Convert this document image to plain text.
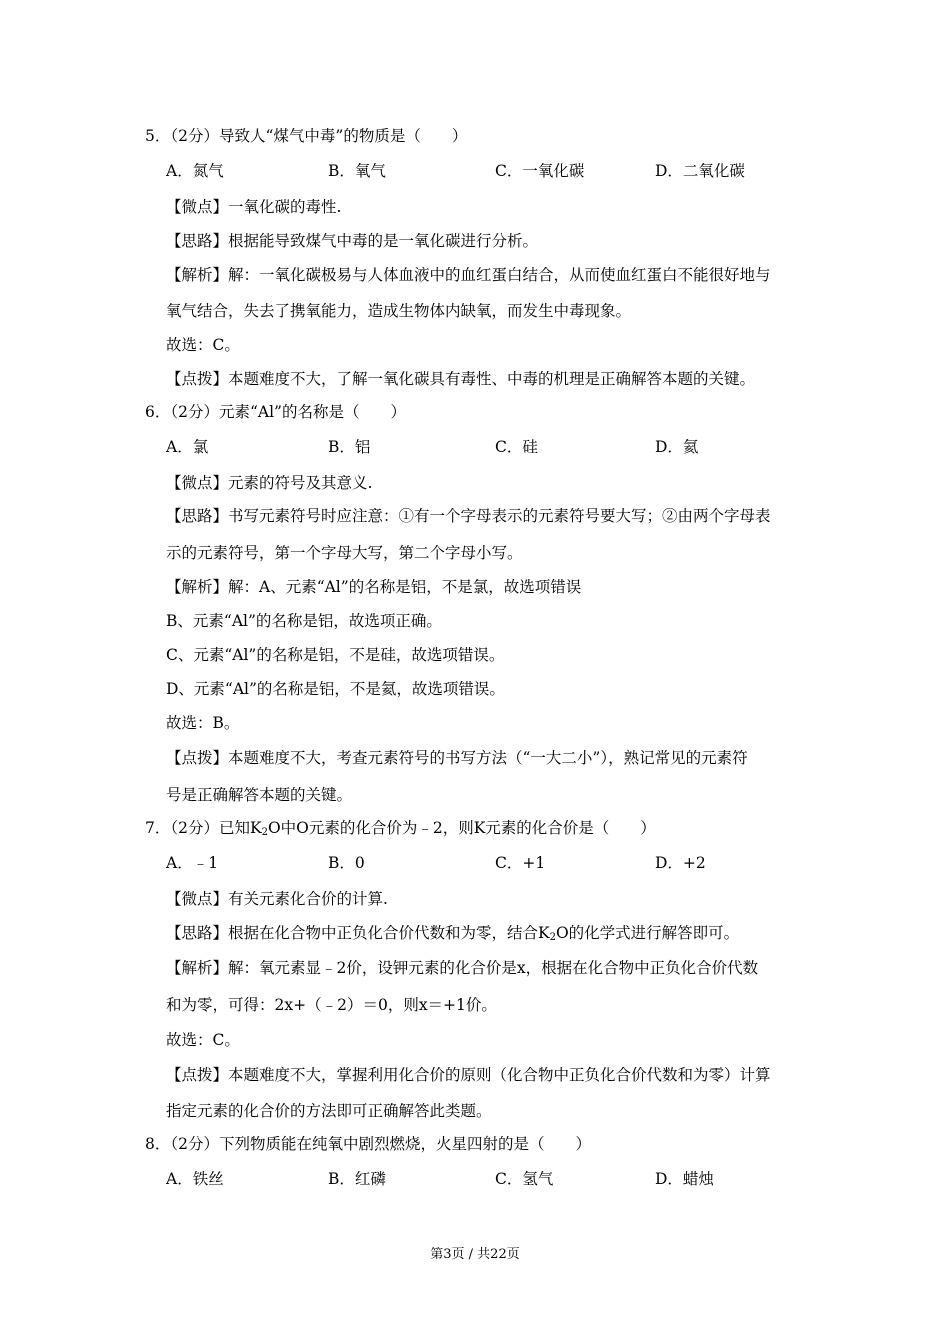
5．（2分）导致人“煤气中毒”的物质是（　　）
A．氮气	B．氧气	C．一氧化碳	D．二氧化碳
【微点】一氧化碳的毒性.
【思路】根据能导致煤气中毒的是一氧化碳进行分析。
【解析】解：一氧化碳极易与人体血液中的血红蛋白结合，从而使血红蛋白不能很好地与
氧气结合，失去了携氧能力，造成生物体内缺氧，而发生中毒现象。
故选：C。
【点拨】本题难度不大，了解一氧化碳具有毒性、中毒的机理是正确解答本题的关键。
6．（2分）元素“Al”的名称是（　　）
A．氯	B．铝	C．硅	D．氦
【微点】元素的符号及其意义.
【思路】书写元素符号时应注意：①有一个字母表示的元素符号要大写；②由两个字母表
示的元素符号，第一个字母大写，第二个字母小写。
【解析】解：A、元素“Al”的名称是铝，不是氯，故选项错误
B、元素“Al”的名称是铝，故选项正确。
C、元素“Al”的名称是铝，不是硅，故选项错误。
D、元素“Al”的名称是铝，不是氦，故选项错误。
故选：B。
【点拨】本题难度不大，考查元素符号的书写方法（“一大二小”），熟记常见的元素符
号是正确解答本题的关键。
7．（2分）已知$K_2O$中O元素的化合价为﹣2，则K元素的化合价是（　　）
A．﹣1	B．0	C．+1	D．+2
【微点】有关元素化合价的计算.
【思路】根据在化合物中正负化合价代数和为零，结合$K_2O$的化学式进行解答即可。
【解析】解：氧元素显﹣2价，设钾元素的化合价是x，根据在化合物中正负化合价代数
和为零，可得：2x+（﹣2）＝0，则x＝+1价。
故选：C。
【点拨】本题难度不大，掌握利用化合价的原则（化合物中正负化合价代数和为零）计算
指定元素的化合价的方法即可正确解答此类题。
8．（2分）下列物质能在纯氧中剧烈燃烧，火星四射的是（　　）
A．铁丝	B．红磷	C．氢气	D．蜡烛
第3页 / 共22页
